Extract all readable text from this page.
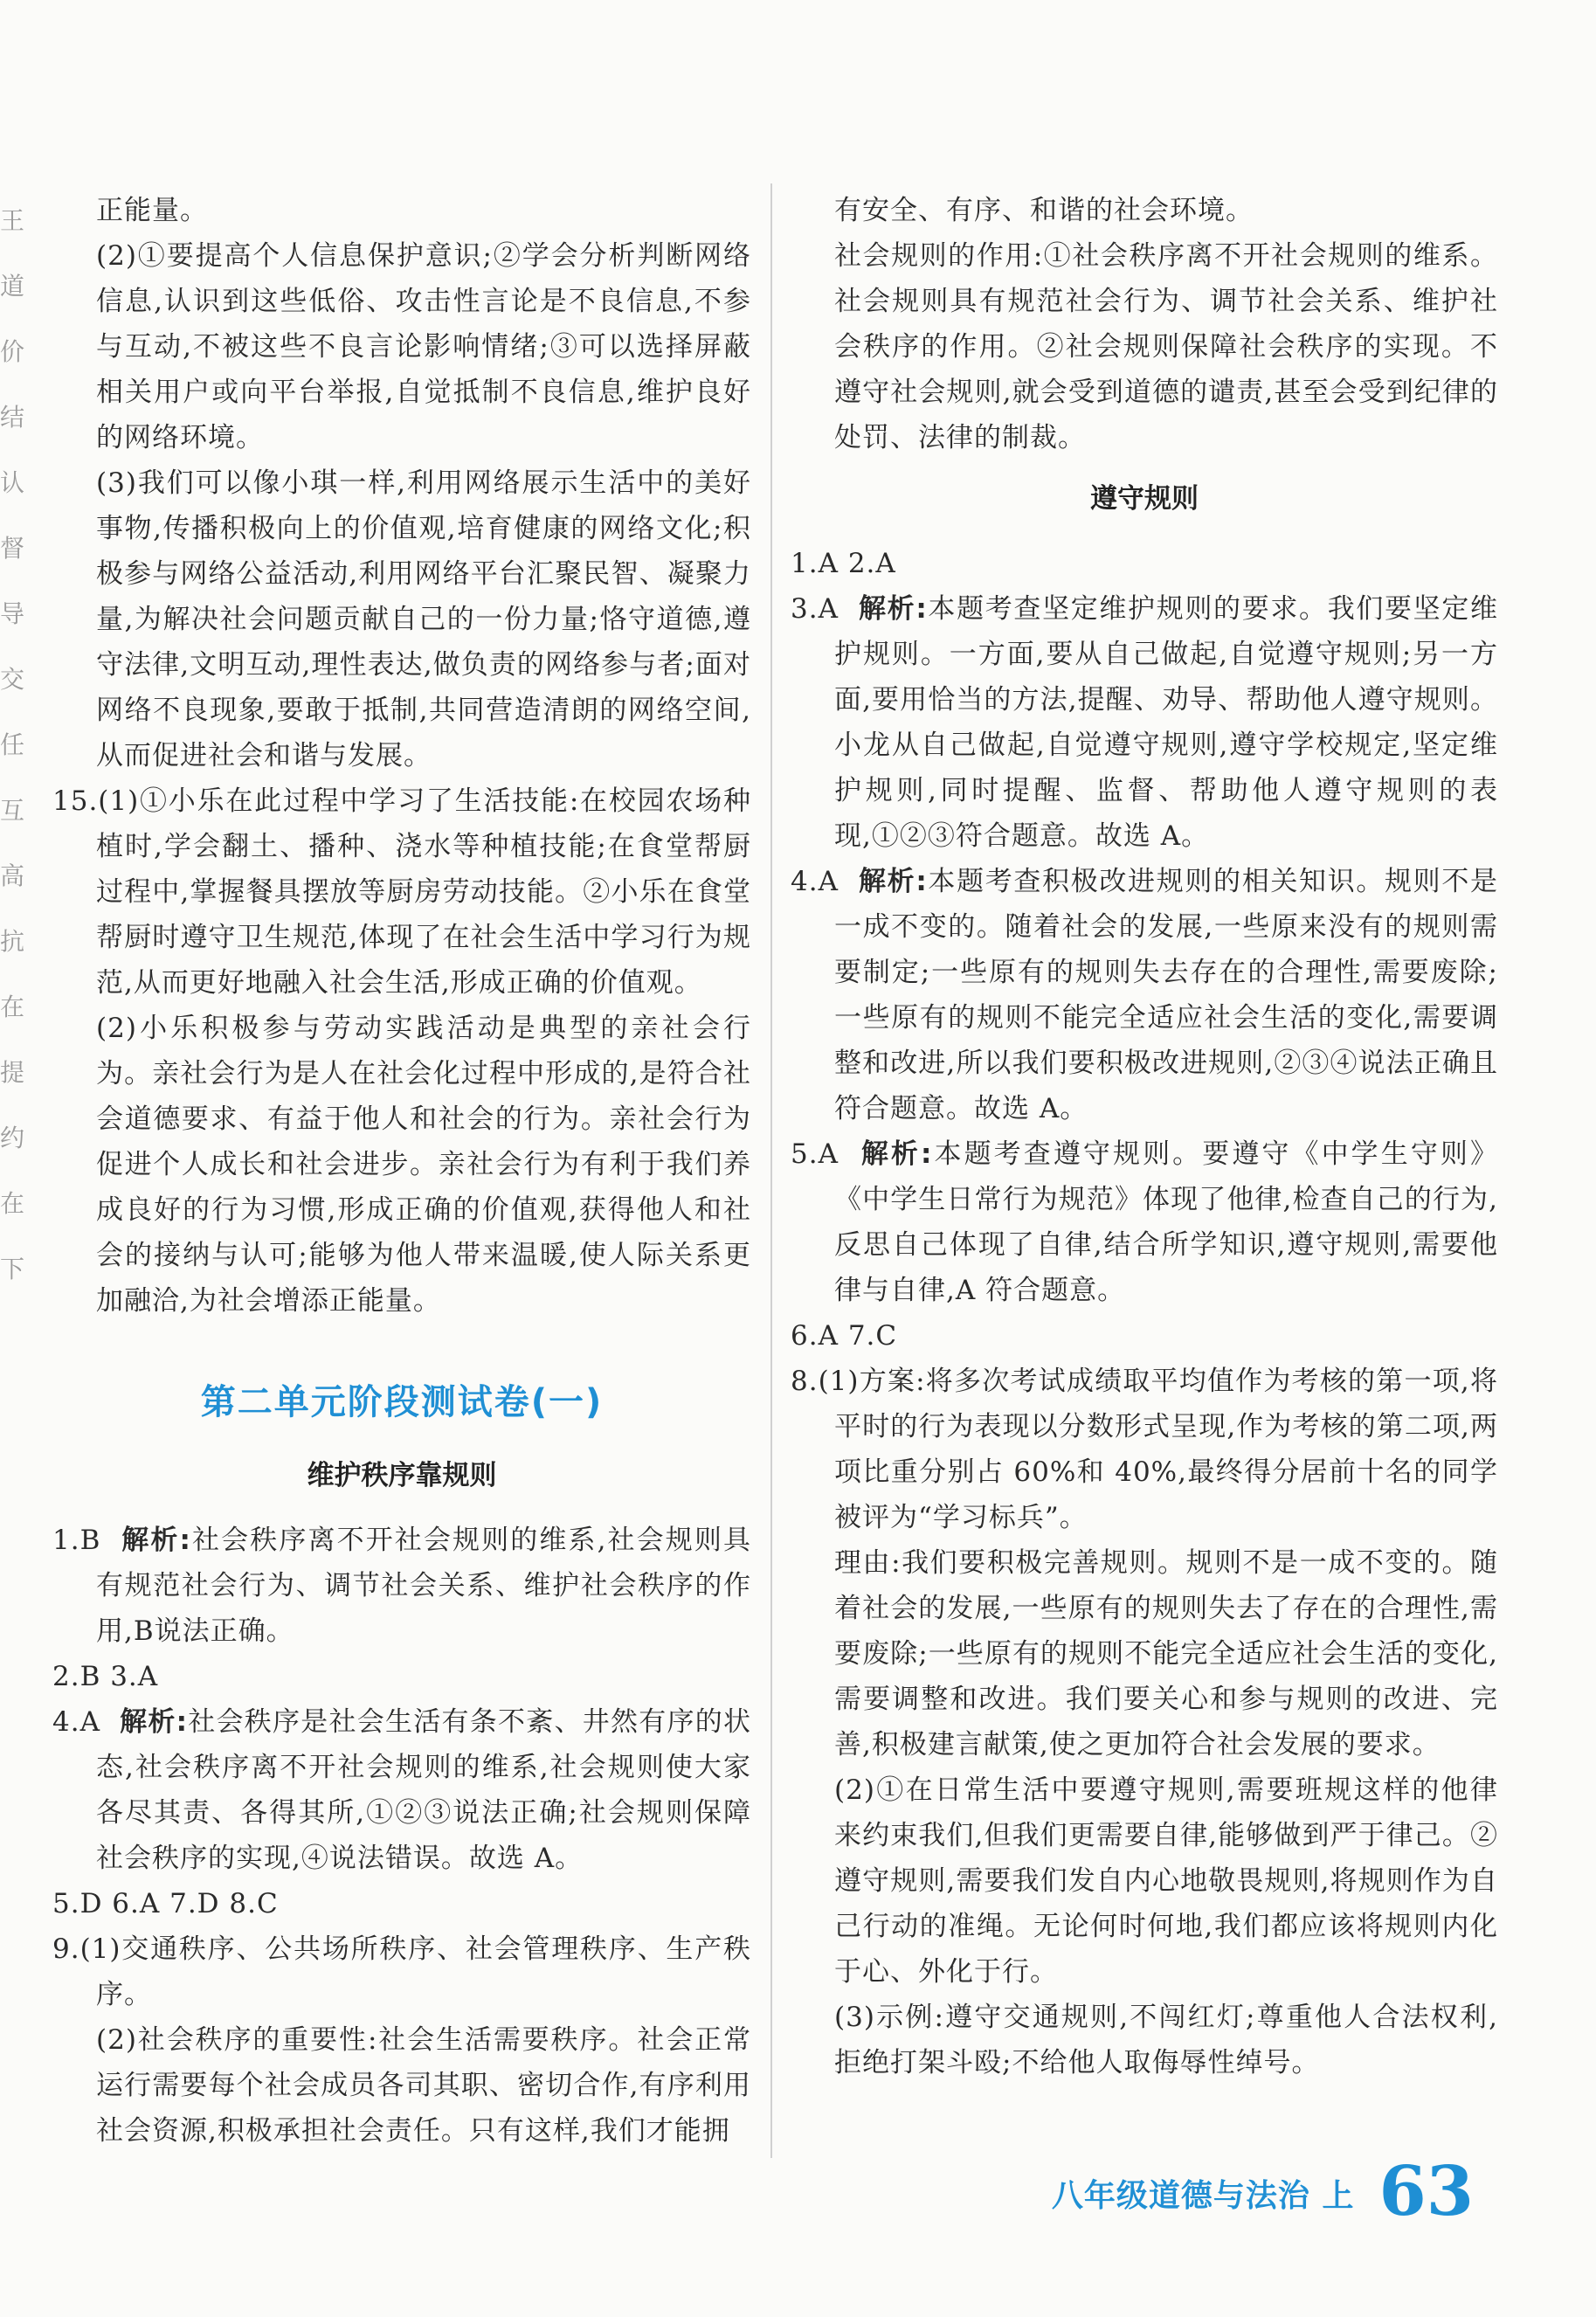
王
道
价
结
认
督
导
交
任
互
高
抗
在
提
约
在
下

正能量。

(2)①要提高个人信息保护意识;②学会分析判断网络信息,认识到这些低俗、攻击性言论是不良信息,不参与互动,不被这些不良言论影响情绪;③可以选择屏蔽相关用户或向平台举报,自觉抵制不良信息,维护良好的网络环境。

(3)我们可以像小琪一样,利用网络展示生活中的美好事物,传播积极向上的价值观,培育健康的网络文化;积极参与网络公益活动,利用网络平台汇聚民智、凝聚力量,为解决社会问题贡献自己的一份力量;恪守道德,遵守法律,文明互动,理性表达,做负责的网络参与者;面对网络不良现象,要敢于抵制,共同营造清朗的网络空间,从而促进社会和谐与发展。

15.(1)①小乐在此过程中学习了生活技能:在校园农场种植时,学会翻土、播种、浇水等种植技能;在食堂帮厨过程中,掌握餐具摆放等厨房劳动技能。②小乐在食堂帮厨时遵守卫生规范,体现了在社会生活中学习行为规范,从而更好地融入社会生活,形成正确的价值观。

(2)小乐积极参与劳动实践活动是典型的亲社会行为。亲社会行为是人在社会化过程中形成的,是符合社会道德要求、有益于他人和社会的行为。亲社会行为促进个人成长和社会进步。亲社会行为有利于我们养成良好的行为习惯,形成正确的价值观,获得他人和社会的接纳与认可;能够为他人带来温暖,使人际关系更加融洽,为社会增添正能量。

第二单元阶段测试卷(一)
维护秩序靠规则

1.B 解析:社会秩序离不开社会规则的维系,社会规则具有规范社会行为、调节社会关系、维护社会秩序的作用,B说法正确。

2.B 3.A

4.A 解析:社会秩序是社会生活有条不紊、井然有序的状态,社会秩序离不开社会规则的维系,社会规则使大家各尽其责、各得其所,①②③说法正确;社会规则保障社会秩序的实现,④说法错误。故选 A。

5.D 6.A 7.D 8.C

9.(1)交通秩序、公共场所秩序、社会管理秩序、生产秩序。

(2)社会秩序的重要性:社会生活需要秩序。社会正常运行需要每个社会成员各司其职、密切合作,有序利用社会资源,积极承担社会责任。只有这样,我们才能拥

有安全、有序、和谐的社会环境。

社会规则的作用:①社会秩序离不开社会规则的维系。社会规则具有规范社会行为、调节社会关系、维护社会秩序的作用。②社会规则保障社会秩序的实现。不遵守社会规则,就会受到道德的谴责,甚至会受到纪律的处罚、法律的制裁。

遵守规则

1.A 2.A

3.A 解析:本题考查坚定维护规则的要求。我们要坚定维护规则。一方面,要从自己做起,自觉遵守规则;另一方面,要用恰当的方法,提醒、劝导、帮助他人遵守规则。小龙从自己做起,自觉遵守规则,遵守学校规定,坚定维护规则,同时提醒、监督、帮助他人遵守规则的表现,①②③符合题意。故选 A。

4.A 解析:本题考查积极改进规则的相关知识。规则不是一成不变的。随着社会的发展,一些原来没有的规则需要制定;一些原有的规则失去存在的合理性,需要废除;一些原有的规则不能完全适应社会生活的变化,需要调整和改进,所以我们要积极改进规则,②③④说法正确且符合题意。故选 A。

5.A 解析:本题考查遵守规则。要遵守《中学生守则》《中学生日常行为规范》体现了他律,检查自己的行为,反思自己体现了自律,结合所学知识,遵守规则,需要他律与自律,A 符合题意。

6.A 7.C

8.(1)方案:将多次考试成绩取平均值作为考核的第一项,将平时的行为表现以分数形式呈现,作为考核的第二项,两项比重分别占 60%和 40%,最终得分居前十名的同学被评为“学习标兵”。

理由:我们要积极完善规则。规则不是一成不变的。随着社会的发展,一些原有的规则失去了存在的合理性,需要废除;一些原有的规则不能完全适应社会生活的变化,需要调整和改进。我们要关心和参与规则的改进、完善,积极建言献策,使之更加符合社会发展的要求。

(2)①在日常生活中要遵守规则,需要班规这样的他律来约束我们,但我们更需要自律,能够做到严于律己。②遵守规则,需要我们发自内心地敬畏规则,将规则作为自己行动的准绳。无论何时何地,我们都应该将规则内化于心、外化于行。

(3)示例:遵守交通规则,不闯红灯;尊重他人合法权利,拒绝打架斗殴;不给他人取侮辱性绰号。

八年级道德与法治 上 63
